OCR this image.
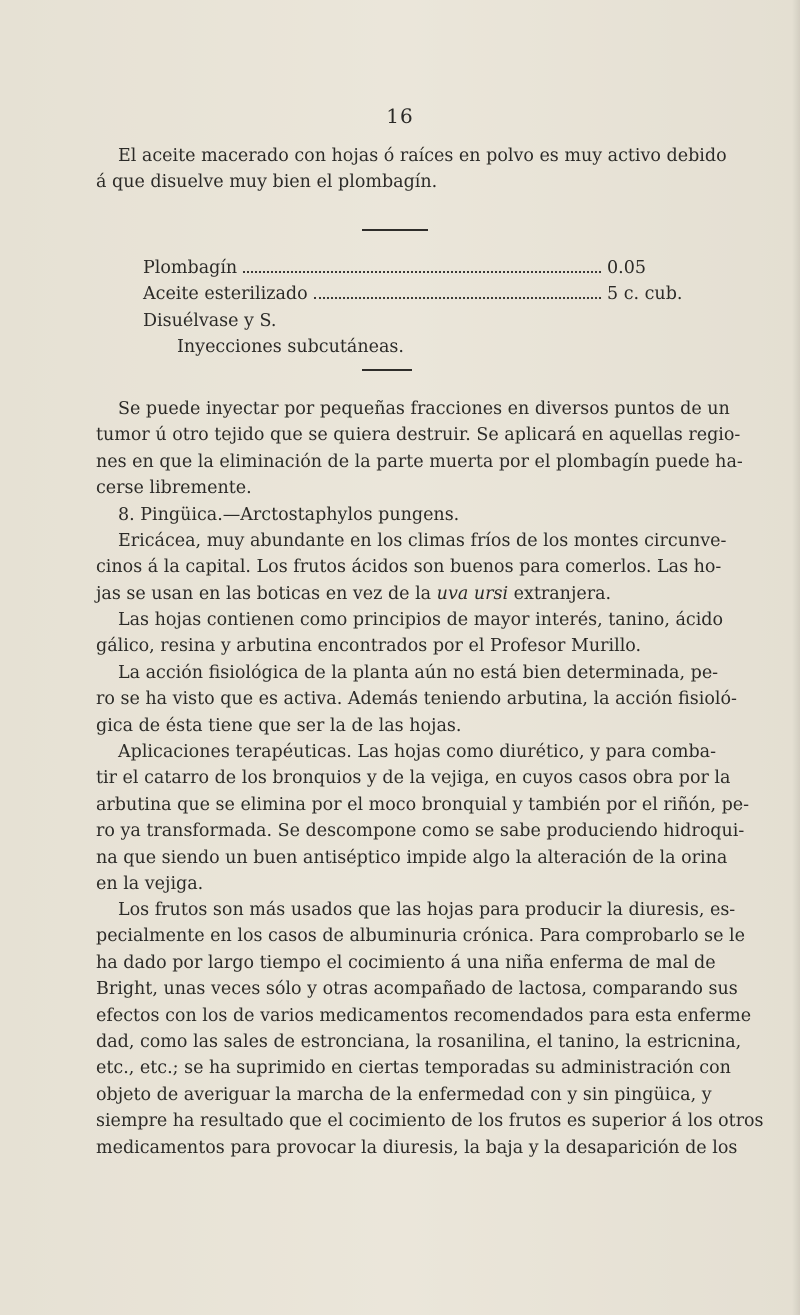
16
El aceite macerado con hojas ó raíces en polvo es muy activo debido
á que disuelve muy bien el plombagín.
Plombagín	0.05
Aceite esterilizado	5 c. cub.
Disuélvase y S.
Inyecciones subcutáneas.
Se puede inyectar por pequeñas fracciones en diversos puntos de un
tumor ú otro tejido que se quiera destruir. Se aplicará en aquellas regio-
nes en que la eliminación de la parte muerta por el plombagín puede ha-
cerse libremente.
8. Pingüica.—Arctostaphylos pungens.
Ericácea, muy abundante en los climas fríos de los montes circunve-
cinos á la capital. Los frutos ácidos son buenos para comerlos. Las ho-
jas se usan en las boticas en vez de la uva ursi extranjera.
Las hojas contienen como principios de mayor interés, tanino, ácido
gálico, resina y arbutina encontrados por el Profesor Murillo.
La acción fisiológica de la planta aún no está bien determinada, pe-
ro se ha visto que es activa. Además teniendo arbutina, la acción fisioló-
gica de ésta tiene que ser la de las hojas.
Aplicaciones terapéuticas. Las hojas como diurético, y para comba-
tir el catarro de los bronquios y de la vejiga, en cuyos casos obra por la
arbutina que se elimina por el moco bronquial y también por el riñón, pe-
ro ya transformada. Se descompone como se sabe produciendo hidroqui-
na que siendo un buen antiséptico impide algo la alteración de la orina
en la vejiga.
Los frutos son más usados que las hojas para producir la diuresis, es-
pecialmente en los casos de albuminuria crónica. Para comprobarlo se le
ha dado por largo tiempo el cocimiento á una niña enferma de mal de
Bright, unas veces sólo y otras acompañado de lactosa, comparando sus
efectos con los de varios medicamentos recomendados para esta enferme
dad, como las sales de estronciana, la rosanilina, el tanino, la estricnina,
etc., etc.; se ha suprimido en ciertas temporadas su administración con
objeto de averiguar la marcha de la enfermedad con y sin pingüica, y
siempre ha resultado que el cocimiento de los frutos es superior á los otros
medicamentos para provocar la diuresis, la baja y la desaparición de los
